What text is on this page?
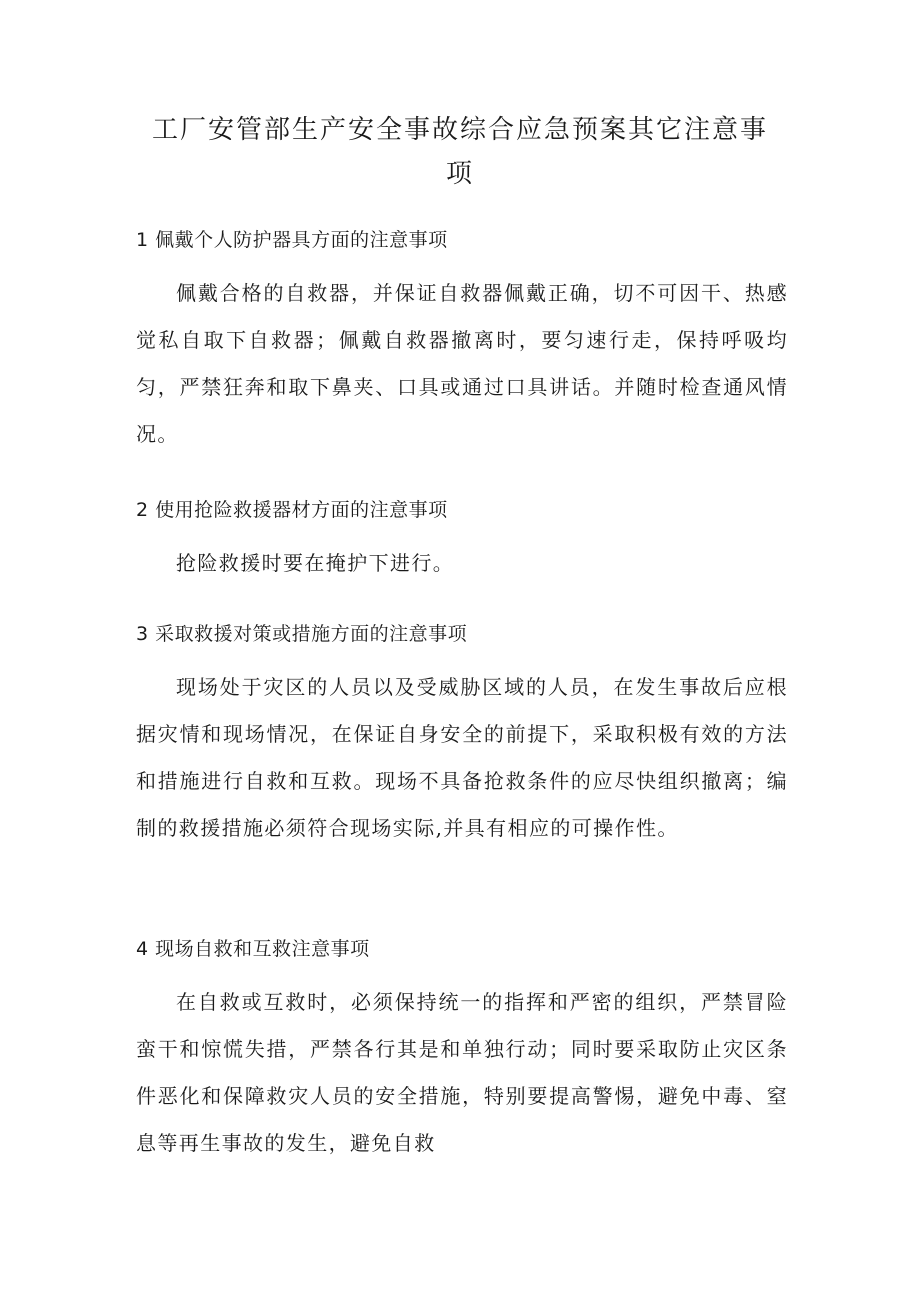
工厂安管部生产安全事故综合应急预案其它注意事项
1 佩戴个人防护器具方面的注意事项

佩戴合格的自救器，并保证自救器佩戴正确，切不可因干、热感觉私自取下自救器；佩戴自救器撤离时，要匀速行走，保持呼吸均匀，严禁狂奔和取下鼻夹、口具或通过口具讲话。并随时检查通风情况。

2 使用抢险救援器材方面的注意事项

抢险救援时要在掩护下进行。

3 采取救援对策或措施方面的注意事项

现场处于灾区的人员以及受威胁区域的人员，在发生事故后应根据灾情和现场情况，在保证自身安全的前提下，采取积极有效的方法和措施进行自救和互救。现场不具备抢救条件的应尽快组织撤离；编制的救援措施必须符合现场实际,并具有相应的可操作性。

4 现场自救和互救注意事项

在自救或互救时，必须保持统一的指挥和严密的组织，严禁冒险蛮干和惊慌失措，严禁各行其是和单独行动；同时要采取防止灾区条件恶化和保障救灾人员的安全措施，特别要提高警惕，避免中毒、窒息等再生事故的发生，避免自救
